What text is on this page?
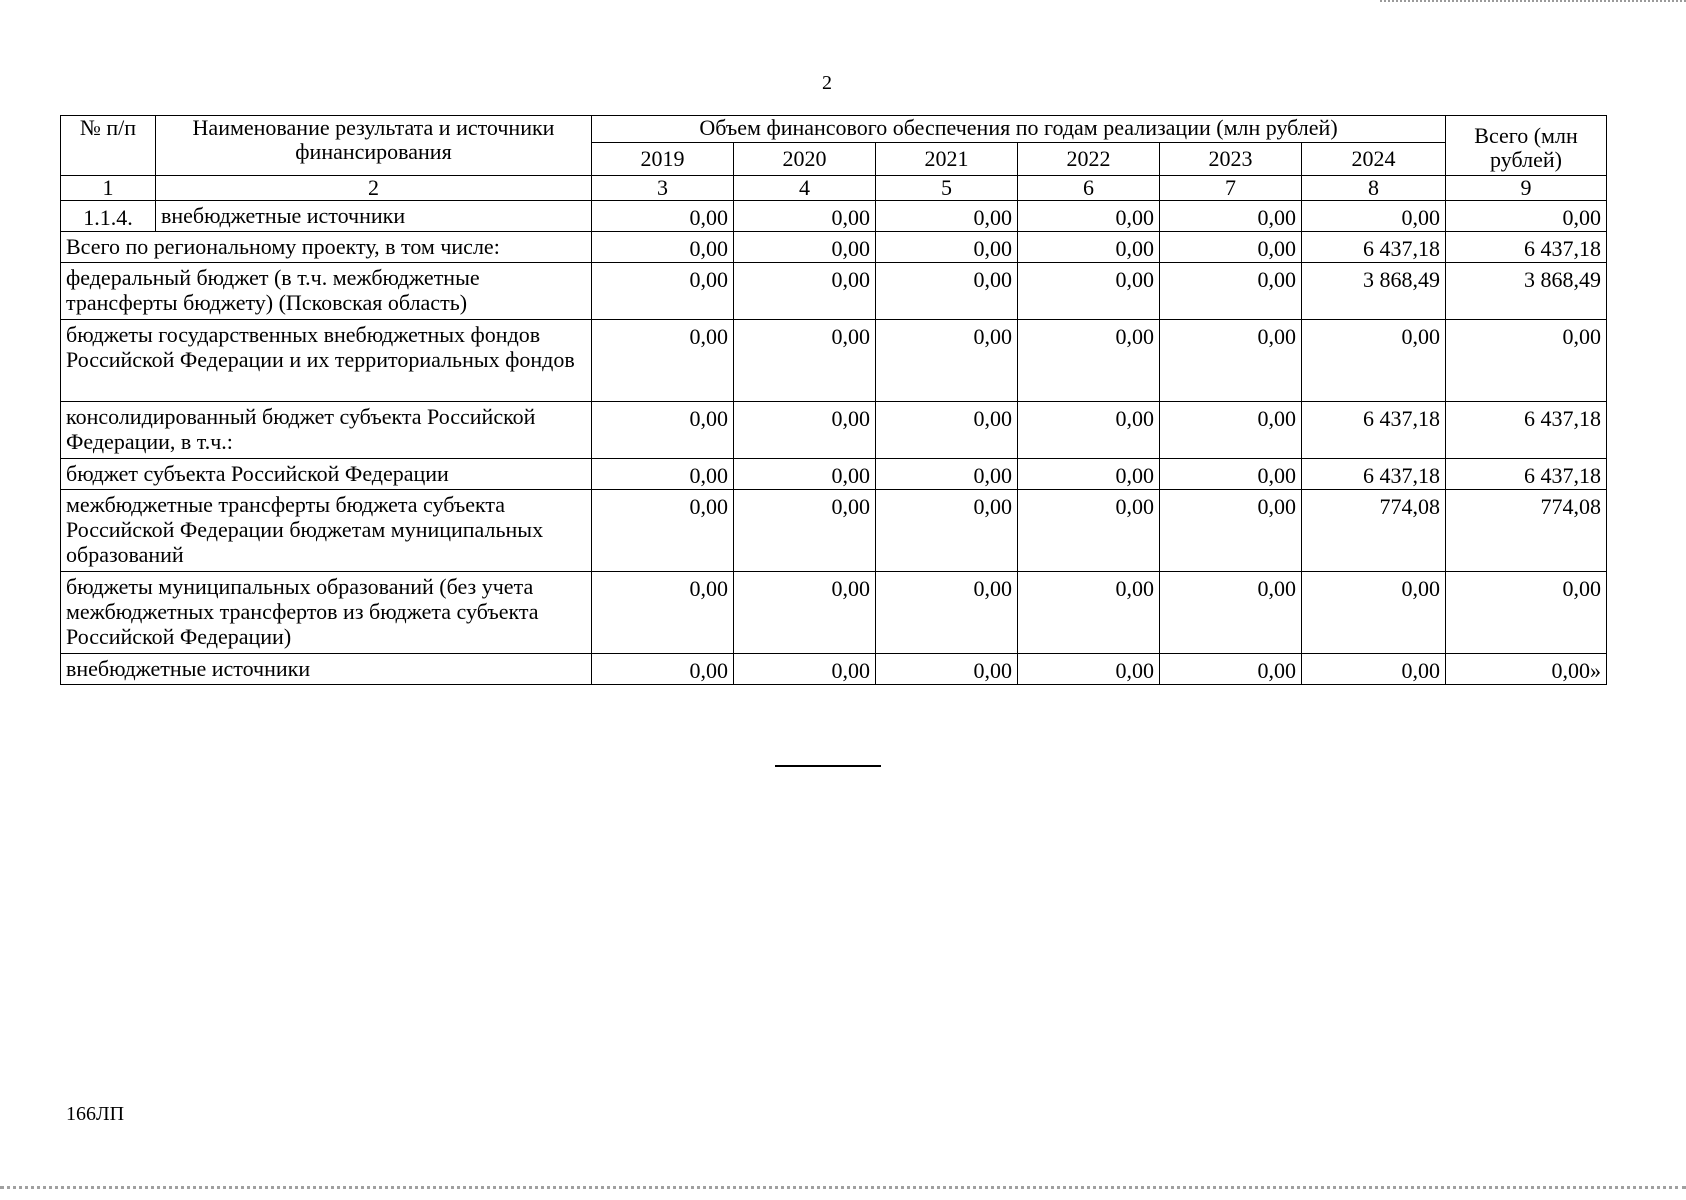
2
№ п/п	Наименование результата и источники финансирования	Объем финансового обеспечения по годам реализации (млн рублей)						Всего (млн рублей)
		2019	2020	2021	2022	2023	2024	
1	2	3	4	5	6	7	8	9
1.1.4.	внебюджетные источники	0,00	0,00	0,00	0,00	0,00	0,00	0,00
Всего по региональному проекту, в том числе:		0,00	0,00	0,00	0,00	0,00	6 437,18	6 437,18
федеральный бюджет (в т.ч. межбюджетные трансферты бюджету) (Псковская область)		0,00	0,00	0,00	0,00	0,00	3 868,49	3 868,49
бюджеты государственных внебюджетных фондов Российской Федерации и их территориальных фондов		0,00	0,00	0,00	0,00	0,00	0,00	0,00
консолидированный бюджет субъекта Российской Федерации, в т.ч.:		0,00	0,00	0,00	0,00	0,00	6 437,18	6 437,18
бюджет субъекта Российской Федерации		0,00	0,00	0,00	0,00	0,00	6 437,18	6 437,18
межбюджетные трансферты бюджета субъекта Российской Федерации бюджетам муниципальных образований		0,00	0,00	0,00	0,00	0,00	774,08	774,08
бюджеты муниципальных образований (без учета межбюджетных трансфертов из бюджета субъекта Российской Федерации)		0,00	0,00	0,00	0,00	0,00	0,00	0,00
внебюджетные источники		0,00	0,00	0,00	0,00	0,00	0,00	0,00»
166ЛП
